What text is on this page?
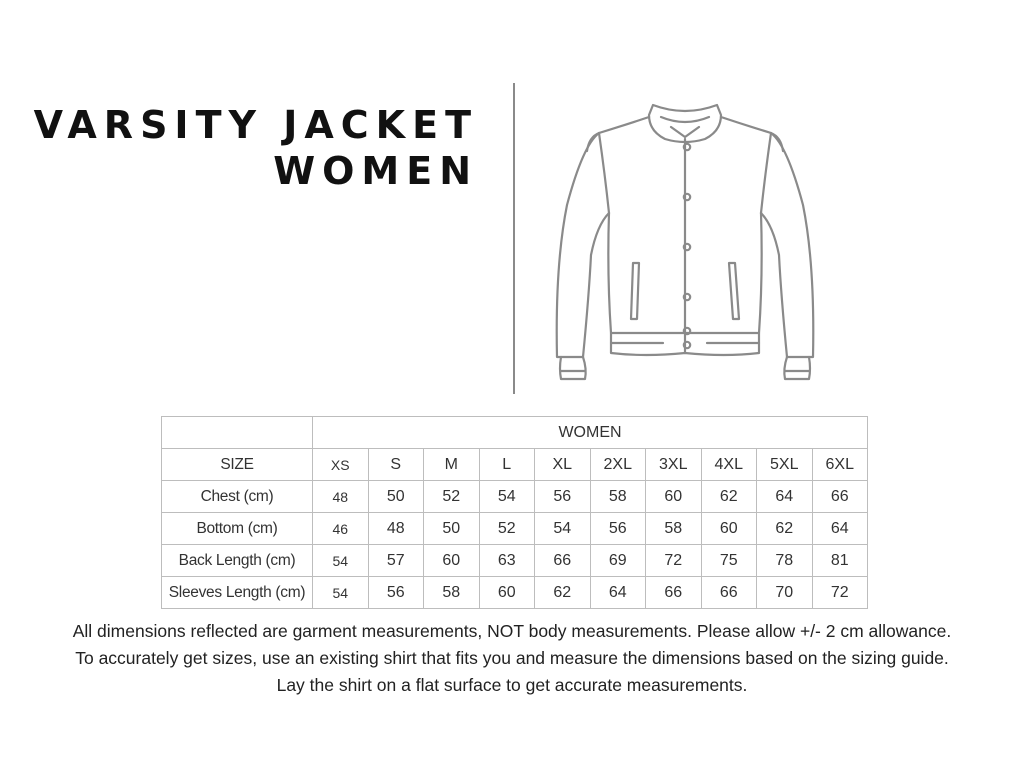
VARSITY JACKET
WOMEN
	WOMEN									
SIZE	XS	S	M	L	XL	2XL	3XL	4XL	5XL	6XL
Chest (cm)	48	50	52	54	56	58	60	62	64	66
Bottom (cm)	46	48	50	52	54	56	58	60	62	64
Back Length (cm)	54	57	60	63	66	69	72	75	78	81
Sleeves Length (cm)	54	56	58	60	62	64	66	66	70	72
All dimensions reflected are garment measurements, NOT body measurements. Please allow +/- 2 cm allowance.
To accurately get sizes, use an existing shirt that fits you and measure the dimensions based on the sizing guide.
Lay the shirt on a flat surface to get accurate measurements.
